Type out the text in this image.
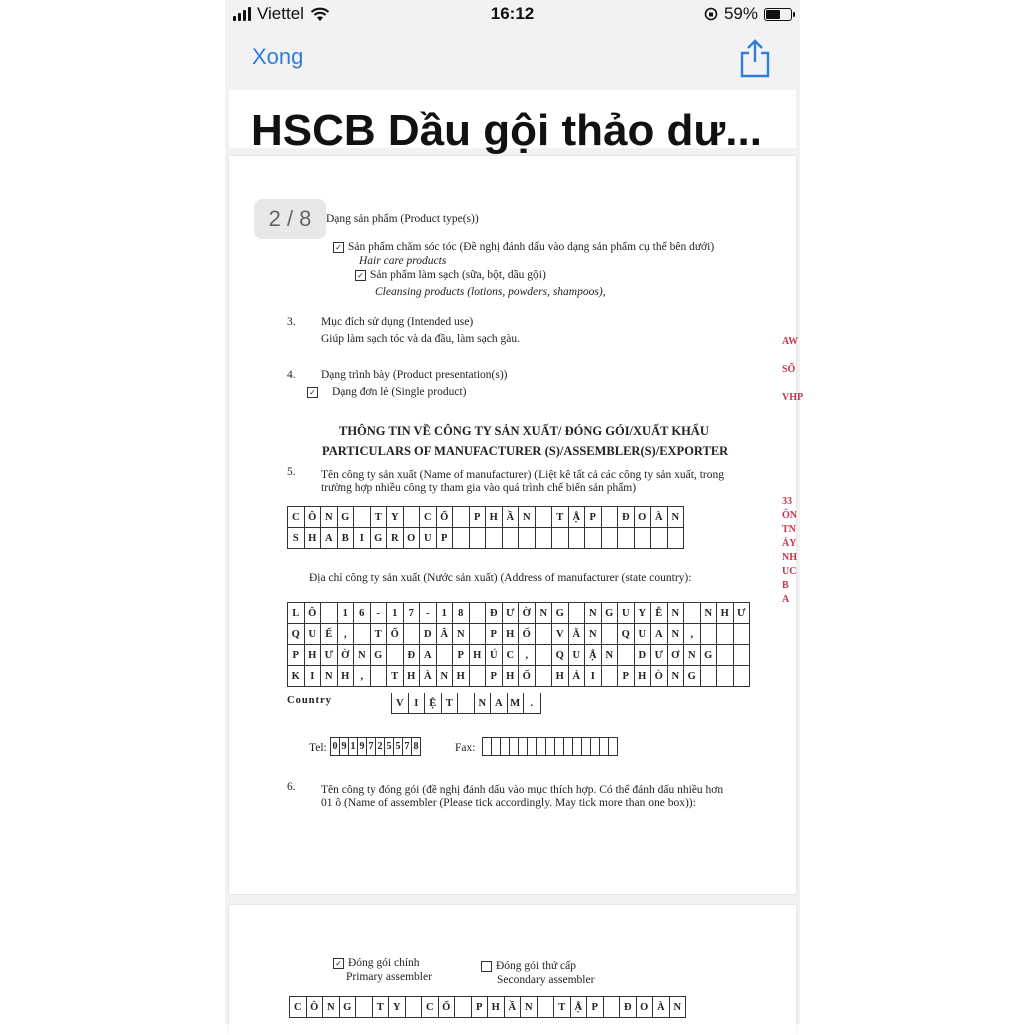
Viettel	16:12	59%
Xong
HSCB Dầu gội thảo dư...
2 / 8	Dạng sản phẩm (Product type(s))
✓ Sản phẩm chăm sóc tóc (Đề nghị đánh dấu vào dạng sản phẩm cụ thể bên dưới)
Hair care products
✓ Sản phẩm làm sạch (sữa, bột, dầu gội)
Cleansing products (lotions, powders, shampoos),
3. Mục đích sử dụng (Intended use)
Giúp làm sạch tóc và da đầu, làm sạch gàu.
4. Dạng trình bày (Product presentation(s))
✓ Dạng đơn lẻ (Single product)
THÔNG TIN VỀ CÔNG TY SẢN XUẤT/ ĐÓNG GÓI/XUẤT KHẨU
PARTICULARS OF MANUFACTURER (S)/ASSEMBLER(S)/EXPORTER
5. Tên công ty sản xuất (Name of manufacturer) (Liệt kê tất cả các công ty sản xuất, trong
trường hợp nhiều công ty tham gia vào quá trình chế biến sản phẩm)
C Ô N G	T Y	C Ổ	P H Ầ N	T Ậ P	Đ O À N
S H A B	I G R O U P
Địa chỉ công ty sản xuất (Nước sản xuất) (Address of manufacturer (state country):
L Ô	1	6	-	1	7	-	1	8	Đ Ư Ờ N G	N G U Y Ễ N	N H Ư
Q U Ế	,	T Ổ	D Â N	P H Ố	V Ă N	Q U A N	,
P H Ư Ờ N G	Đ A	P H Ú C	,	Q U Ậ N	D Ư Ơ N G
K I	N H	,	T H À N H	P H Ố	H Ả	I	P H Ò N G
Country	V	I	Ệ T	N A M .
Tel: 0 9 1 9 7 2 5 5 7 8	Fax:
6. Tên công ty đóng gói (đề nghị đánh dấu vào mục thích hợp. Có thể đánh dấu nhiều hơn
01 ô (Name of assembler (Please tick accordingly. May tick more than one box)):
AW
SỔ
VHP
33
ÔN
TN
ÁY
NH
UC
B
A
✓ Đóng gói chính
Primary assembler
Đóng gói thứ cấp
Secondary assembler
C Ô N G	T Y	C Ổ	P H Ầ N	T Ậ P	Đ O À N
